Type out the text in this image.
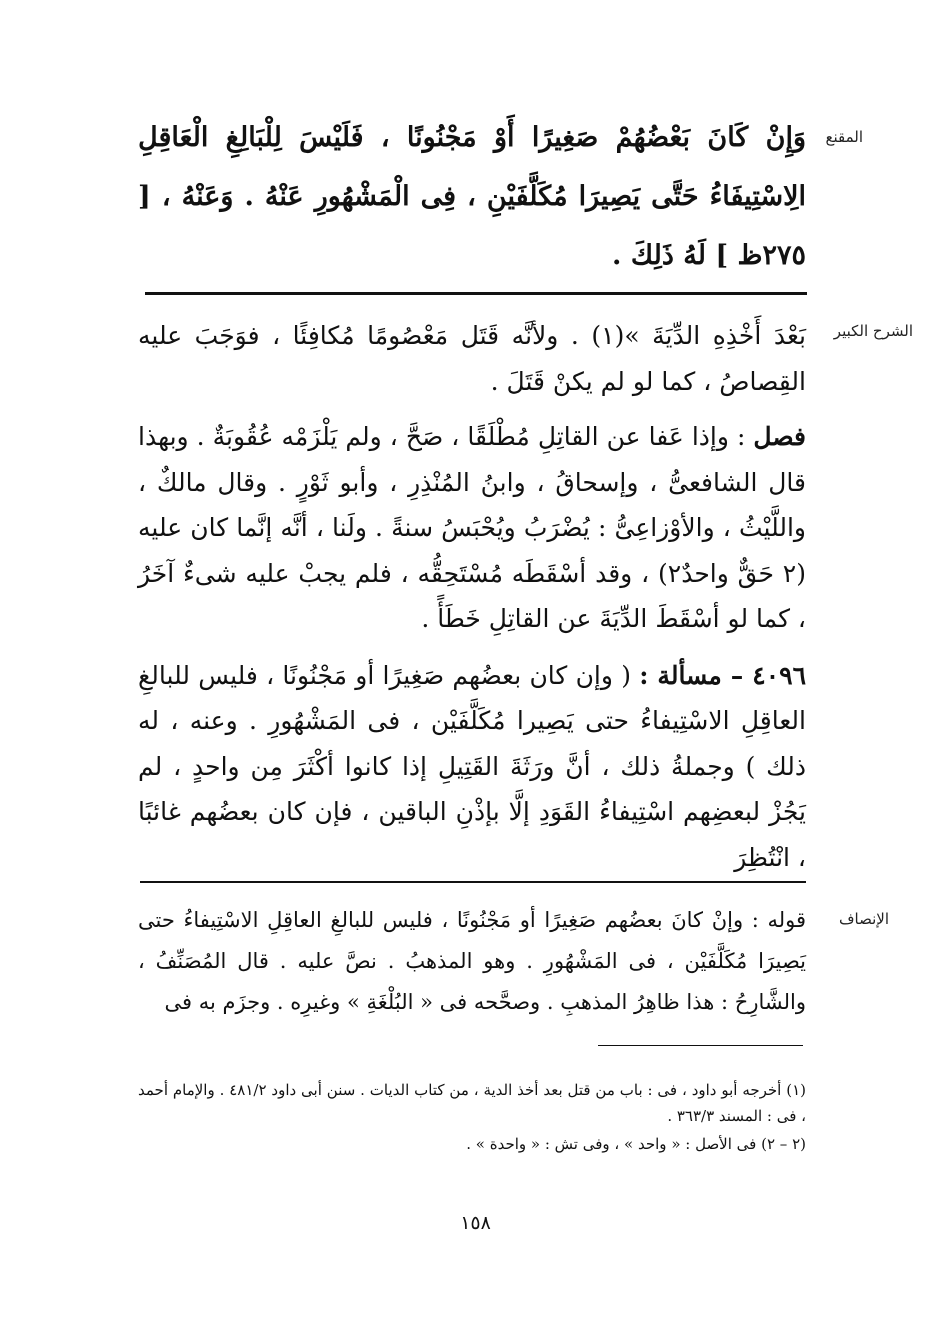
المقنع

وَإِنْ كَانَ بَعْضُهُمْ صَغِيرًا أَوْ مَجْنُونًا ، فَلَيْسَ لِلْبَالِغِ الْعَاقِلِ الِاسْتِيفَاءُ حَتَّى يَصِيرَا مُكَلَّفَيْنِ ، فِى الْمَشْهُورِ عَنْهُ . وَعَنْهُ ، [ ٢٧٥ظ ] لَهُ ذَلِكَ .

الشرح الكبير

بَعْدَ أَخْذِهِ الدِّيَةَ »(١) . ولأنَّه قَتَل مَعْصُومًا مُكافِئًا ، فوَجَبَ عليه القِصاصُ ، كما لو لم يكنْ قَتَلَ .

فصل : وإذا عَفا عن القاتِلِ مُطْلَقًا ، صَحَّ ، ولم يَلْزَمْه عُقُوبَةٌ . وبهذا قال الشافعىُّ ، وإسحاقُ ، وابنُ المُنْذِرِ ، وأبو ثَوْرٍ . وقال مالكٌ ، واللَّيْثُ ، والأوْزاعِىُّ : يُضْرَبُ ويُحْبَسُ سنةً . ولَنا ، أنَّه إنَّما كان عليه (٢ حَقٌّ واحدٌ٢) ، وقد أسْقَطَه مُسْتَحِقُّه ، فلم يجبْ عليه شىءٌ آخَرُ ، كما لو أسْقَطَ الدِّيَةَ عن القاتِلِ خَطَأً .

٤٠٩٦ – مسألة : ( وإن كان بعضُهم صَغِيرًا أو مَجْنُونًا ، فليس للبالغِ العاقِلِ الاسْتِيفاءُ حتى يَصِيرا مُكَلَّفَيْن ، فى المَشْهُورِ . وعنه ، له ذلك ) وجملةُ ذلك ، أنَّ ورَثَةَ القَتِيلِ إذا كانوا أكْثَرَ مِن واحدٍ ، لم يَجُزْ لبعضِهم اسْتِيفاءُ القَوَدِ إلَّا بإذْنِ الباقين ، فإن كان بعضُهم غائبًا ، انْتُظِرَ

الإنصاف

قوله : وإنْ كانَ بعضُهم صَغِيرًا أو مَجْنُونًا ، فليس للبالغِ العاقِلِ الاسْتِيفاءُ حتى يَصِيرَا مُكَلَّفَيْن ، فى المَشْهُورِ . وهو المذهبُ . نصَّ عليه . قال المُصَنِّفُ ، والشَّارِحُ : هذا ظاهِرُ المذهبِ . وصحَّحه فى « البُلْغَةِ » وغيرِه . وجزَم به فى

(١) أخرجه أبو داود ، فى : باب من قتل بعد أخذ الدية ، من كتاب الديات . سنن أبى داود ٤٨١/٢ . والإمام أحمد ، فى : المسند ٣٦٣/٣ .

(٢ – ٢) فى الأصل : « واحد » ، وفى تش : « واحدة » .

١٥٨
